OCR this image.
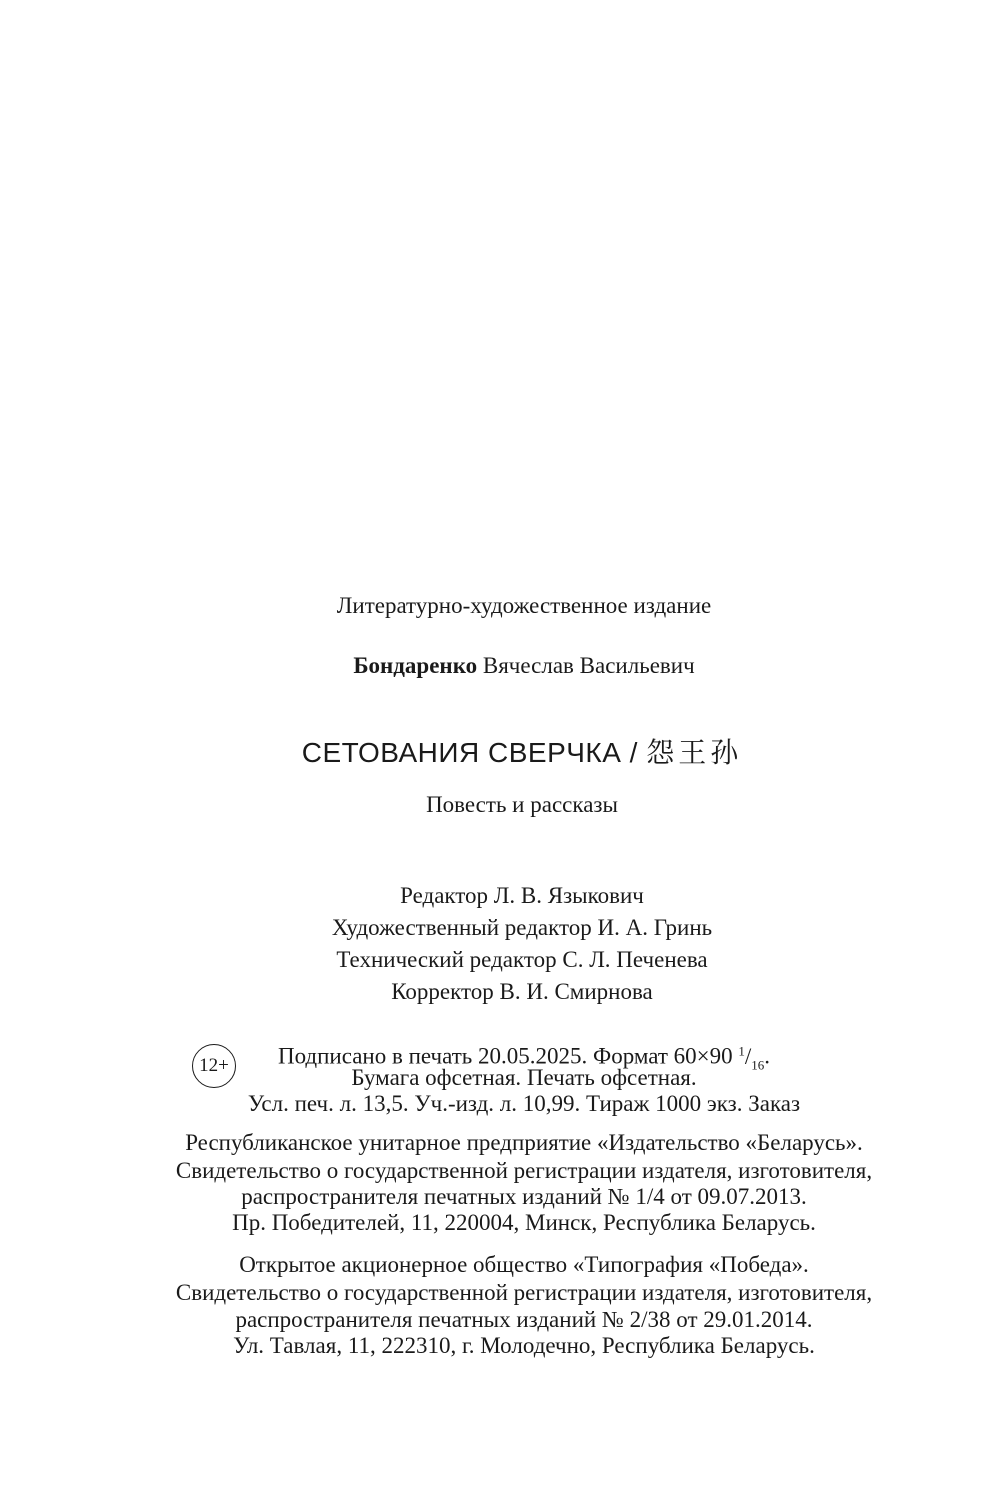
Литературно-художественное издание
Бондаренко Вячеслав Васильевич
СЕТОВАНИЯ СВЕРЧКА / 怨王孙
Повесть и рассказы
Редактор Л. В. Языкович
Художественный редактор И. А. Гринь
Технический редактор С. Л. Печенева
Корректор В. И. Смирнова
12+	Подписано в печать 20.05.2025. Формат 60×90 $^1/_{16}$.
Бумага офсетная. Печать офсетная.
Усл. печ. л. 13,5. Уч.-изд. л. 10,99. Тираж 1000 экз. Заказ
Республиканское унитарное предприятие «Издательство «Беларусь».
Свидетельство о государственной регистрации издателя, изготовителя,
распространителя печатных изданий № 1/4 от 09.07.2013.
Пр. Победителей, 11, 220004, Минск, Республика Беларусь.
Открытое акционерное общество «Типография «Победа».
Свидетельство о государственной регистрации издателя, изготовителя,
распространителя печатных изданий № 2/38 от 29.01.2014.
Ул. Тавлая, 11, 222310, г. Молодечно, Республика Беларусь.
